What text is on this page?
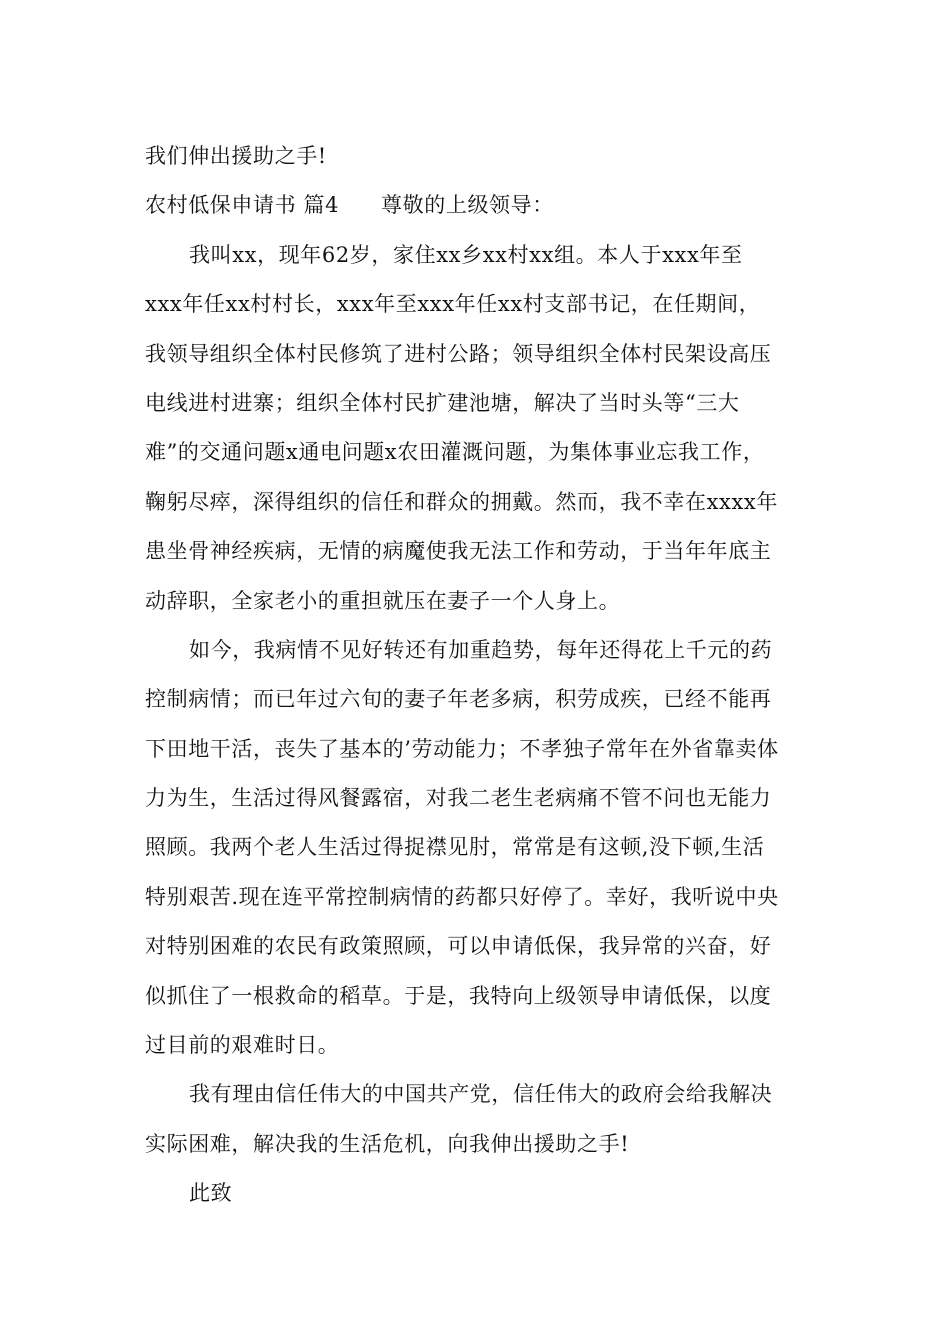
我们伸出援助之手!
农村低保申请书 篇4 尊敬的上级领导：
我叫xx，现年62岁，家住xx乡xx村xx组。本人于xxx年至
xxx年任xx村村长，xxx年至xxx年任xx村支部书记，在任期间，
我领导组织全体村民修筑了进村公路；领导组织全体村民架设高压
电线进村进寨；组织全体村民扩建池塘，解决了当时头等“三大
难”的交通问题x通电问题x农田灌溉问题，为集体事业忘我工作，
鞠躬尽瘁，深得组织的信任和群众的拥戴。然而，我不幸在xxxx年
患坐骨神经疾病，无情的病魔使我无法工作和劳动，于当年年底主
动辞职，全家老小的重担就压在妻子一个人身上。
如今，我病情不见好转还有加重趋势，每年还得花上千元的药
控制病情；而已年过六旬的妻子年老多病，积劳成疾，已经不能再
下田地干活，丧失了基本的’劳动能力；不孝独子常年在外省靠卖体
力为生，生活过得风餐露宿，对我二老生老病痛不管不问也无能力
照顾。我两个老人生活过得捉襟见肘，常常是有这顿,没下顿,生活
特别艰苦.现在连平常控制病情的药都只好停了。幸好，我听说中央
对特别困难的农民有政策照顾，可以申请低保，我异常的兴奋，好
似抓住了一根救命的稻草。于是，我特向上级领导申请低保，以度
过目前的艰难时日。
我有理由信任伟大的中国共产党，信任伟大的政府会给我解决
实际困难，解决我的生活危机，向我伸出援助之手!
此致
